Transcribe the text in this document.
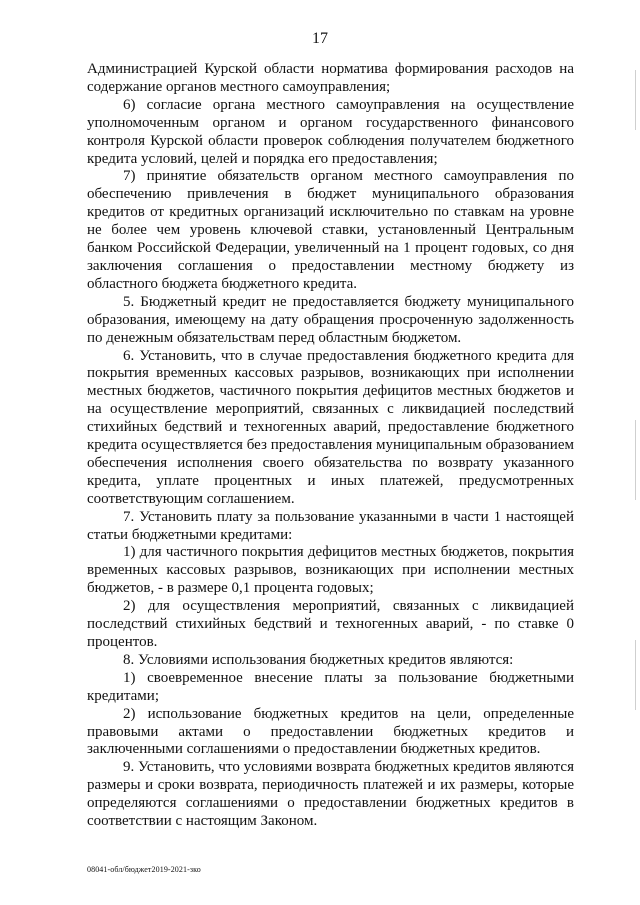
17

Администрацией Курской области норматива формирования расходов на содержание органов местного самоуправления;

6) согласие органа местного самоуправления на осуществление уполномоченным органом и органом государственного финансового контроля Курской области проверок соблюдения получателем бюджетного кредита условий, целей и порядка его предоставления;

7) принятие обязательств органом местного самоуправления по обеспечению привлечения в бюджет муниципального образования кредитов от кредитных организаций исключительно по ставкам на уровне не более чем уровень ключевой ставки, установленный Центральным банком Российской Федерации, увеличенный на 1 процент годовых, со дня заключения соглашения о предоставлении местному бюджету из областного бюджета бюджетного кредита.

5. Бюджетный кредит не предоставляется бюджету муниципального образования, имеющему на дату обращения просроченную задолженность по денежным обязательствам перед областным бюджетом.

6. Установить, что в случае предоставления бюджетного кредита для покрытия временных кассовых разрывов, возникающих при исполнении местных бюджетов, частичного покрытия дефицитов местных бюджетов и на осуществление мероприятий, связанных с ликвидацией последствий стихийных бедствий и техногенных аварий, предоставление бюджетного кредита осуществляется без предоставления муниципальным образованием обеспечения исполнения своего обязательства по возврату указанного кредита, уплате процентных и иных платежей, предусмотренных соответствующим соглашением.

7. Установить плату за пользование указанными в части 1 настоящей статьи бюджетными кредитами:

1) для частичного покрытия дефицитов местных бюджетов, покрытия временных кассовых разрывов, возникающих при исполнении местных бюджетов, - в размере 0,1 процента годовых;

2) для осуществления мероприятий, связанных с ликвидацией последствий стихийных бедствий и техногенных аварий, - по ставке 0 процентов.

8. Условиями использования бюджетных кредитов являются:

1) своевременное внесение платы за пользование бюджетными кредитами;

2) использование бюджетных кредитов на цели, определенные правовыми актами о предоставлении бюджетных кредитов и заключенными соглашениями о предоставлении бюджетных кредитов.

9. Установить, что условиями возврата бюджетных кредитов являются размеры и сроки возврата, периодичность платежей и их размеры, которые определяются соглашениями о предоставлении бюджетных кредитов в соответствии с настоящим Законом.

08041-обл/бюджет2019-2021-зко
